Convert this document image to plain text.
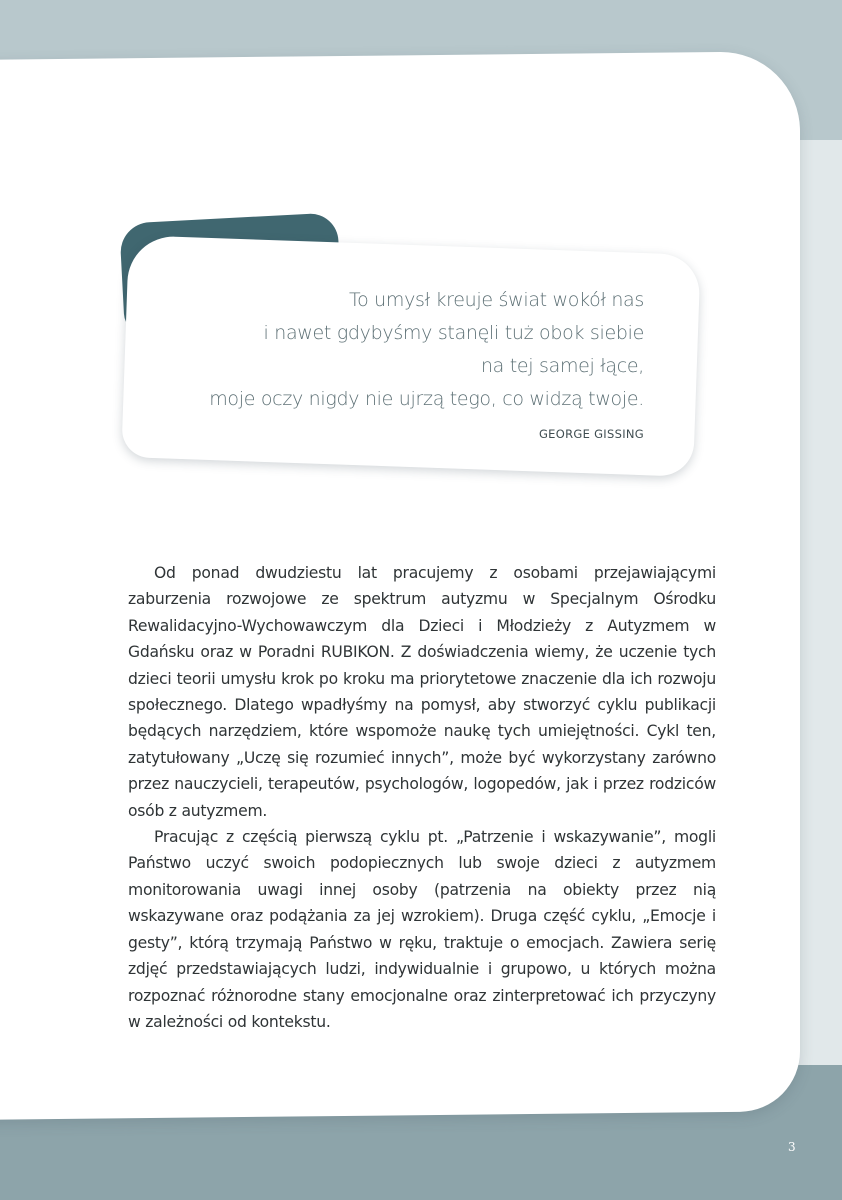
To umysł kreuje świat wokół nas
i nawet gdybyśmy stanęli tuż obok siebie
na tej samej łące,
moje oczy nigdy nie ujrzą tego, co widzą twoje.
GEORGE GISSING

Od ponad dwudziestu lat pracujemy z osobami przejawiającymi zaburzenia rozwojowe ze spektrum autyzmu w Specjalnym Ośrodku Rewalidacyjno-Wychowawczym dla Dzieci i Młodzieży z Autyzmem w Gdańsku oraz w Poradni RUBIKON. Z doświadczenia wiemy, że uczenie tych dzieci teorii umysłu krok po kroku ma priorytetowe znaczenie dla ich rozwoju społecznego. Dlatego wpadłyśmy na pomysł, aby stworzyć cyklu publikacji będących narzędziem, które wspomoże naukę tych umiejętności. Cykl ten, zatytułowany „Uczę się rozumieć innych”, może być wykorzystany zarówno przez nauczycieli, terapeutów, psychologów, logopedów, jak i przez rodziców osób z autyzmem.

Pracując z częścią pierwszą cyklu pt. „Patrzenie i wskazywanie”, mogli Państwo uczyć swoich podopiecznych lub swoje dzieci z autyzmem monitorowania uwagi innej osoby (patrzenia na obiekty przez nią wskazywane oraz podążania za jej wzrokiem). Druga część cyklu, „Emocje i gesty”, którą trzymają Państwo w ręku, traktuje o emocjach. Zawiera serię zdjęć przedstawiających ludzi, indywidualnie i grupowo, u których można rozpoznać różnorodne stany emocjonalne oraz zinterpretować ich przyczyny w zależności od kontekstu.

3
